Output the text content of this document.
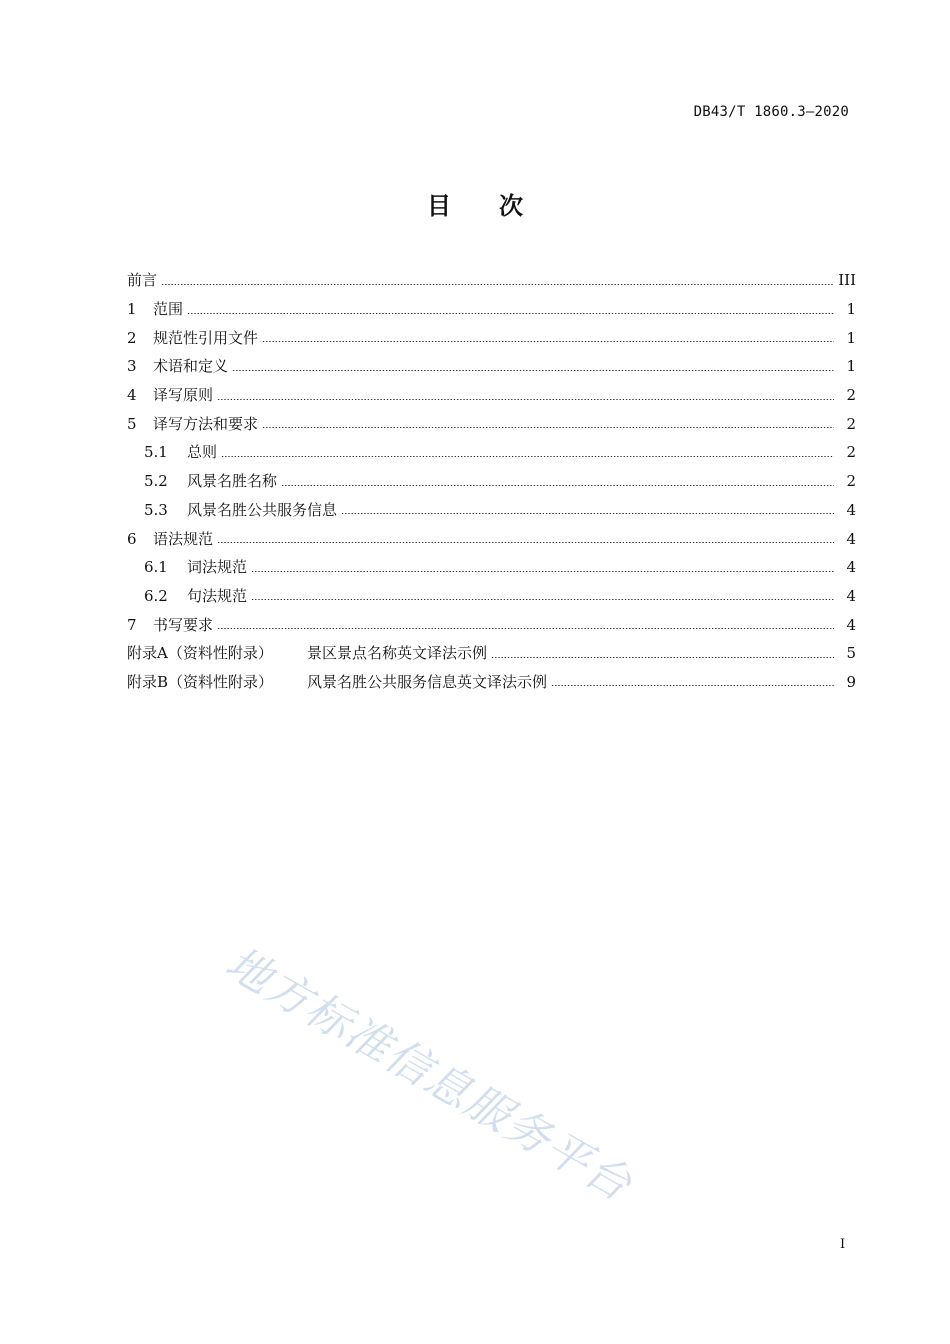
DB43/T 1860.3—2020
目次
前言	III
1	范围	1
2	规范性引用文件	1
3	术语和定义	1
4	译写原则	2
5	译写方法和要求	2
5.1	总则	2
5.2	风景名胜名称	2
5.3	风景名胜公共服务信息	4
6	语法规范	4
6.1	词法规范	4
6.2	句法规范	4
7	书写要求	4
附录A（资料性附录）	景区景点名称英文译法示例	5
附录B（资料性附录）	风景名胜公共服务信息英文译法示例	9
地方标准信息服务平台
I
